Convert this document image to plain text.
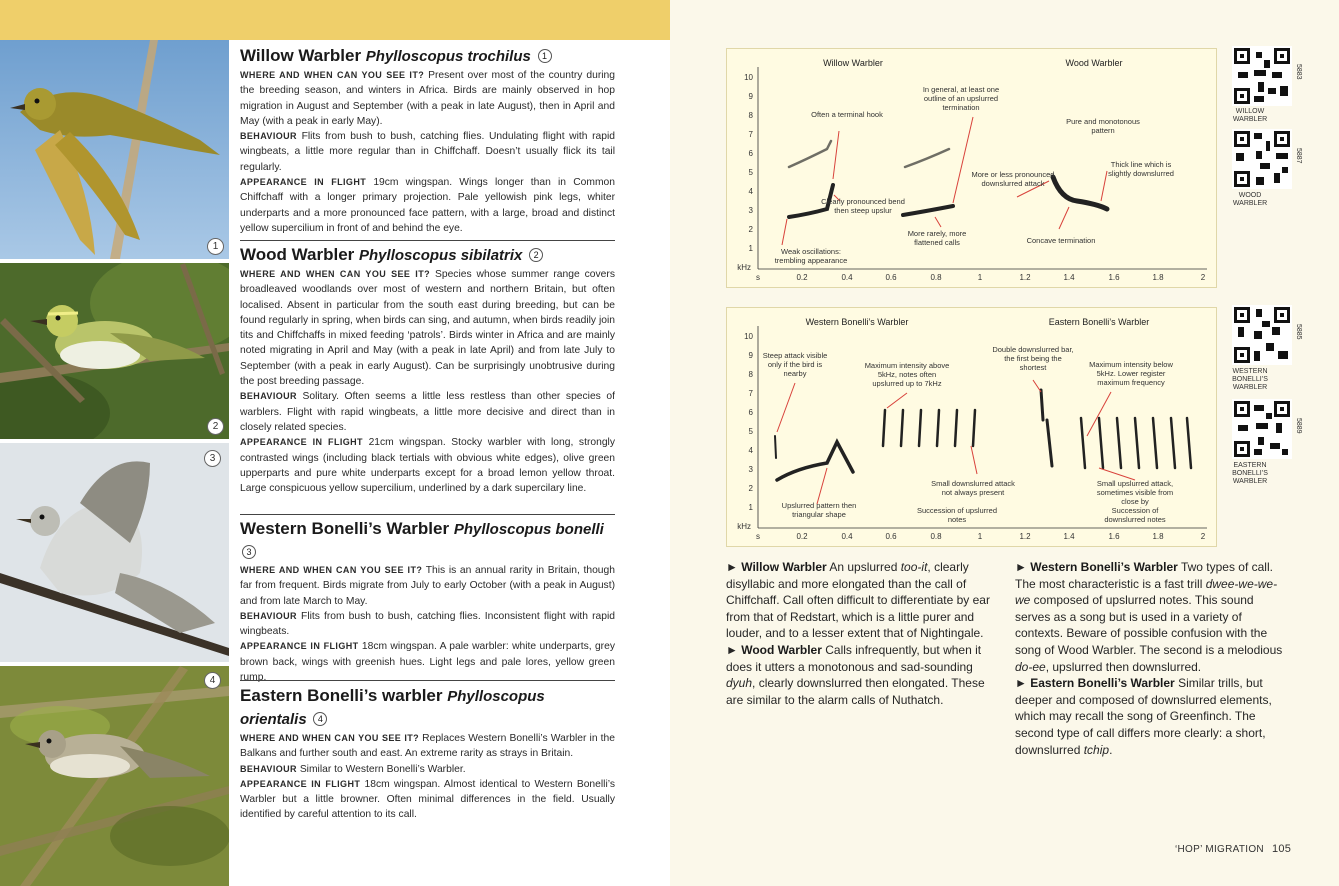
1
2
3
4
Willow Warbler Phylloscopus trochilus 1

WHERE AND WHEN CAN YOU SEE IT? Present over most of the country during the breeding season, and winters in Africa. Birds are mainly observed in hop migration in August and September (with a peak in late August), then in April and May (with a peak in early May).

BEHAVIOUR Flits from bush to bush, catching flies. Undulating flight with rapid wingbeats, a little more regular than in Chiffchaff. Doesn’t usually flick its tail regularly.

APPEARANCE IN FLIGHT 19cm wingspan. Wings longer than in Common Chiffchaff with a longer primary projection. Pale yellowish pink legs, whiter underparts and a more pronounced face pattern, with a large, broad and distinct yellow supercilium in front of and behind the eye.

Wood Warbler Phylloscopus sibilatrix 2

WHERE AND WHEN CAN YOU SEE IT? Species whose summer range covers broadleaved woodlands over most of western and northern Britain, but often localised. Absent in particular from the south east during breeding, but can be found regularly in spring, when birds can sing, and autumn, when birds readily join tits and Chiffchaffs in mixed feeding ‘patrols’. Birds winter in Africa and are mainly noted migrating in April and May (with a peak in late April) and from late July to September (with a peak in early August). Can be surprisingly unobtrusive during the post breeding passage.

BEHAVIOUR Solitary. Often seems a little less restless than other species of warblers. Flight with rapid wingbeats, a little more decisive and direct than in closely related species.

APPEARANCE IN FLIGHT 21cm wingspan. Stocky warbler with long, strongly contrasted wings (including black tertials with obvious white edges), olive green upperparts and pure white underparts except for a broad lemon yellow throat. Large conspicuous yellow supercilium, underlined by a dark supercilary line.

Western Bonelli’s Warbler Phylloscopus bonelli 3

WHERE AND WHEN CAN YOU SEE IT? This is an annual rarity in Britain, though far from frequent. Birds migrate from July to early October (with a peak in August) and from late March to May.

BEHAVIOUR Flits from bush to bush, catching flies. Inconsistent flight with rapid wingbeats.

APPEARANCE IN FLIGHT 18cm wingspan. A pale warbler: white underparts, grey brown back, wings with greenish hues. Light legs and pale lores, yellow green rump.

Eastern Bonelli’s warbler Phylloscopus orientalis 4

WHERE AND WHEN CAN YOU SEE IT? Replaces Western Bonelli’s Warbler in the Balkans and further south and east. An extreme rarity as strays in Britain.

BEHAVIOUR Similar to Western Bonelli’s Warbler.

APPEARANCE IN FLIGHT 18cm wingspan. Almost identical to Western Bonelli’s Warbler but a little browner. Often minimal differences in the field. Usually identified by careful attention to its call.

Willow Warbler	Wood Warbler
1
2
3
4
5
6
7
8
9
10
kHz
s	0.2	0.4	0.6	0.8	1	1.2	1.4	1.6	1.8	2
Often a terminal hook
In general, at least one outline of an upslurred termination
Pure and monotonous pattern
Thick line which is slightly downslurred
More or less pronounced downslurred attack
Clearly pronounced bend then steep upslur
More rarely, more flattened calls	Concave termination
Weak oscillations: trembling appearance
Western Bonelli’s Warbler	Eastern Bonelli’s Warbler
1
2
3
4
5
6
7
8
9
10
kHz
s	0.2	0.4	0.6	0.8	1	1.2	1.4	1.6	1.8	2
Steep attack visible only if the bird is nearby
Maximum intensity above 5kHz, notes often upslurred up to 7kHz
Double downslurred bar, the first being the shortest	Maximum intensity below 5kHz. Lower register maximum frequency
Small downslurred attack not always present
Small upslurred attack, sometimes visible from close by
Upslurred pattern then triangular shape	Succession of upslurred notes
Succession of downslurred notes
5883
WILLOW WARBLER
5887
WOOD WARBLER
5885
WESTERN BONELLI’S WARBLER
5889
EASTERN BONELLI’S WARBLER

► Willow Warbler An upslurred too-it, clearly disyllabic and more elongated than the call of Chiffchaff. Call often difficult to differentiate by ear from that of Redstart, which is a little purer and louder, and to a lesser extent that of Nightingale.

► Wood Warbler Calls infrequently, but when it does it utters a monotonous and sad-sounding dyuh, clearly downslurred then elongated. These are similar to the alarm calls of Nuthatch.

► Western Bonelli’s Warbler Two types of call. The most characteristic is a fast trill dwee-we-we-we composed of upslurred notes. This sound serves as a song but is used in a variety of contexts. Beware of possible confusion with the song of Wood Warbler. The second is a melodious do-ee, upslurred then downslurred.

► Eastern Bonelli’s Warbler Similar trills, but deeper and composed of downslurred elements, which may recall the song of Greenfinch. The second type of call differs more clearly: a short, downslurred tchip.

‘HOP’ MIGRATION 105
